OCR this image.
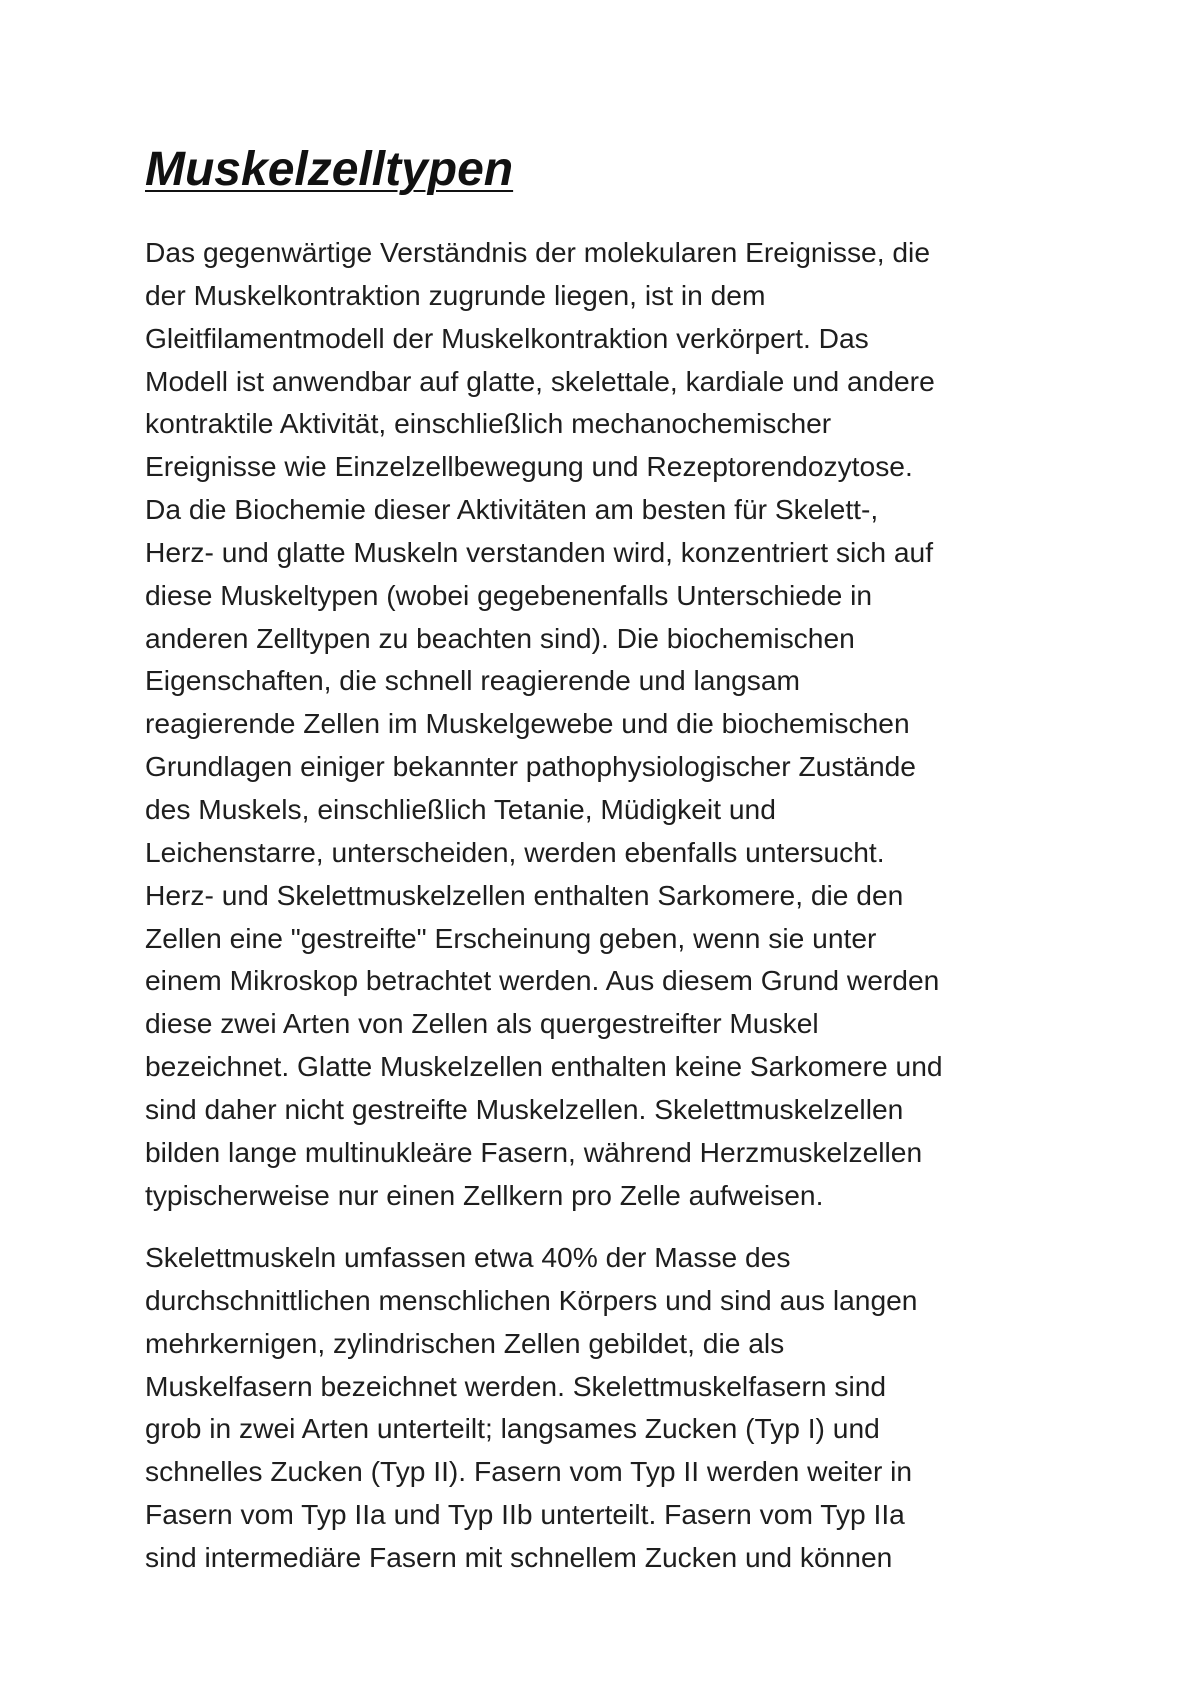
Muskelzelltypen
Das gegenwärtige Verständnis der molekularen Ereignisse, die
der Muskelkontraktion zugrunde liegen, ist in dem
Gleitfilamentmodell der Muskelkontraktion verkörpert. Das
Modell ist anwendbar auf glatte, skelettale, kardiale und andere
kontraktile Aktivität, einschließlich mechanochemischer
Ereignisse wie Einzelzellbewegung und Rezeptorendozytose.
Da die Biochemie dieser Aktivitäten am besten für Skelett-,
Herz- und glatte Muskeln verstanden wird, konzentriert sich auf
diese Muskeltypen (wobei gegebenenfalls Unterschiede in
anderen Zelltypen zu beachten sind). Die biochemischen
Eigenschaften, die schnell reagierende und langsam
reagierende Zellen im Muskelgewebe und die biochemischen
Grundlagen einiger bekannter pathophysiologischer Zustände
des Muskels, einschließlich Tetanie, Müdigkeit und
Leichenstarre, unterscheiden, werden ebenfalls untersucht.
Herz- und Skelettmuskelzellen enthalten Sarkomere, die den
Zellen eine "gestreifte" Erscheinung geben, wenn sie unter
einem Mikroskop betrachtet werden. Aus diesem Grund werden
diese zwei Arten von Zellen als quergestreifter Muskel
bezeichnet. Glatte Muskelzellen enthalten keine Sarkomere und
sind daher nicht gestreifte Muskelzellen. Skelettmuskelzellen
bilden lange multinukleäre Fasern, während Herzmuskelzellen
typischerweise nur einen Zellkern pro Zelle aufweisen.
Skelettmuskeln umfassen etwa 40% der Masse des
durchschnittlichen menschlichen Körpers und sind aus langen
mehrkernigen, zylindrischen Zellen gebildet, die als
Muskelfasern bezeichnet werden. Skelettmuskelfasern sind
grob in zwei Arten unterteilt; langsames Zucken (Typ I) und
schnelles Zucken (Typ II). Fasern vom Typ II werden weiter in
Fasern vom Typ IIa und Typ IIb unterteilt. Fasern vom Typ IIa
sind intermediäre Fasern mit schnellem Zucken und können
